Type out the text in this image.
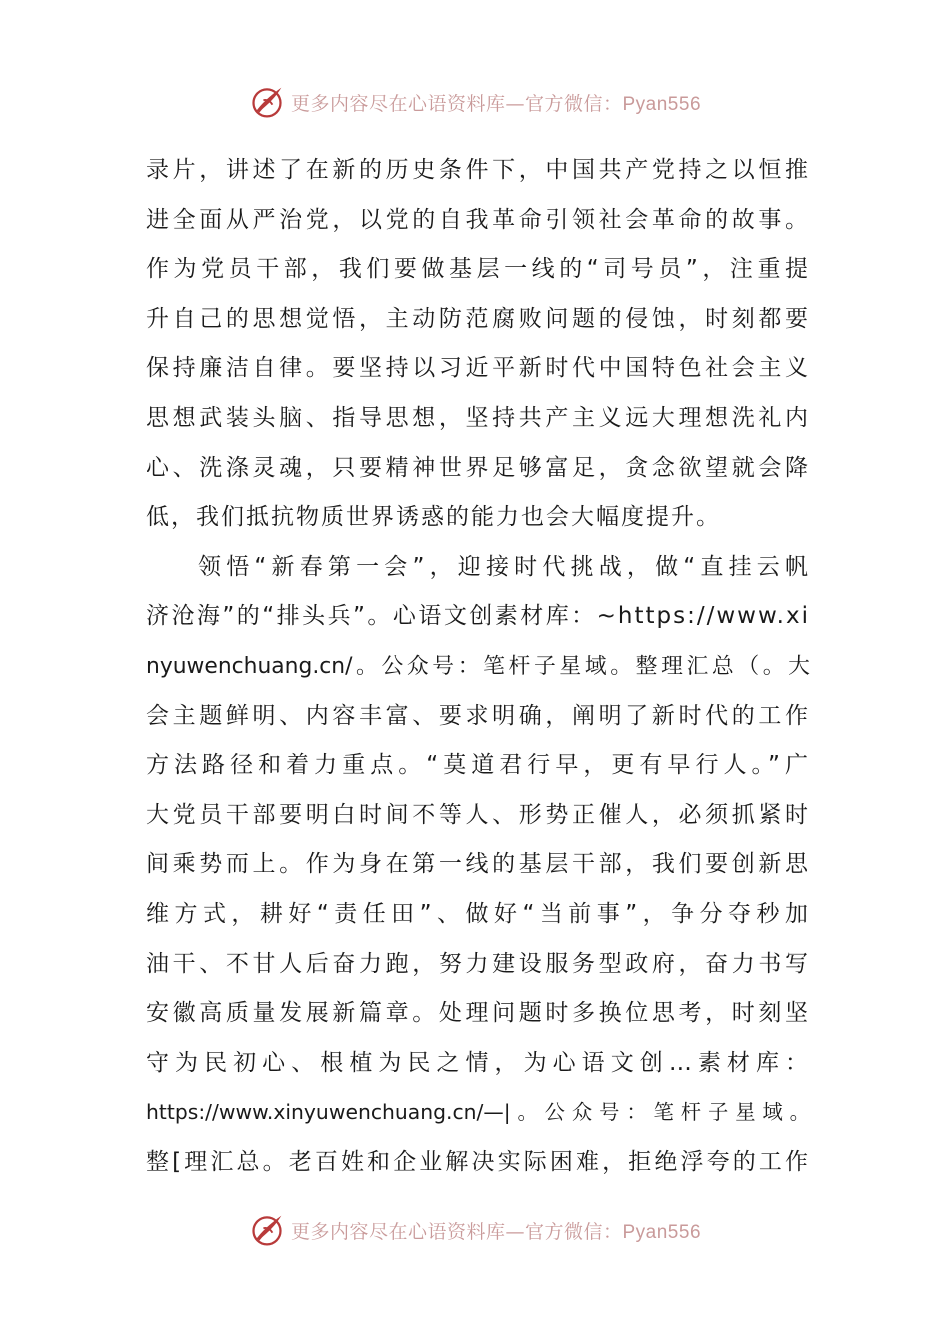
更多内容尽在心语资料库—官方微信：Pyan556
录片，讲述了在新的历史条件下，中国共产党持之以恒推
进全面从严治党，以党的自我革命引领社会革命的故事。
作为党员干部，我们要做基层一线的“司号员”，注重提
升自己的思想觉悟，主动防范腐败问题的侵蚀，时刻都要
保持廉洁自律。要坚持以习近平新时代中国特色社会主义
思想武装头脑、指导思想，坚持共产主义远大理想洗礼内
心、洗涤灵魂，只要精神世界足够富足，贪念欲望就会降
低，我们抵抗物质世界诱惑的能力也会大幅度提升。
领悟“新春第一会”，迎接时代挑战，做“直挂云帆
济沧海”的“排头兵”。心语文创素材库：~https://www.xi
nyuwenchuang.cn/。公众号：笔杆子星域。整理汇总（。大
会主题鲜明、内容丰富、要求明确，阐明了新时代的工作
方法路径和着力重点。“莫道君行早，更有早行人。”广
大党员干部要明白时间不等人、形势正催人，必须抓紧时
间乘势而上。作为身在第一线的基层干部，我们要创新思
维方式，耕好“责任田”、做好“当前事”，争分夺秒加
油干、不甘人后奋力跑，努力建设服务型政府，奋力书写
安徽高质量发展新篇章。处理问题时多换位思考，时刻坚
守为民初心、根植为民之情，为心语文创…素材库：
https://www.xinyuwenchuang.cn/—|。公众号：笔杆子星域。
整[理汇总。老百姓和企业解决实际困难，拒绝浮夸的工作
更多内容尽在心语资料库—官方微信：Pyan556
